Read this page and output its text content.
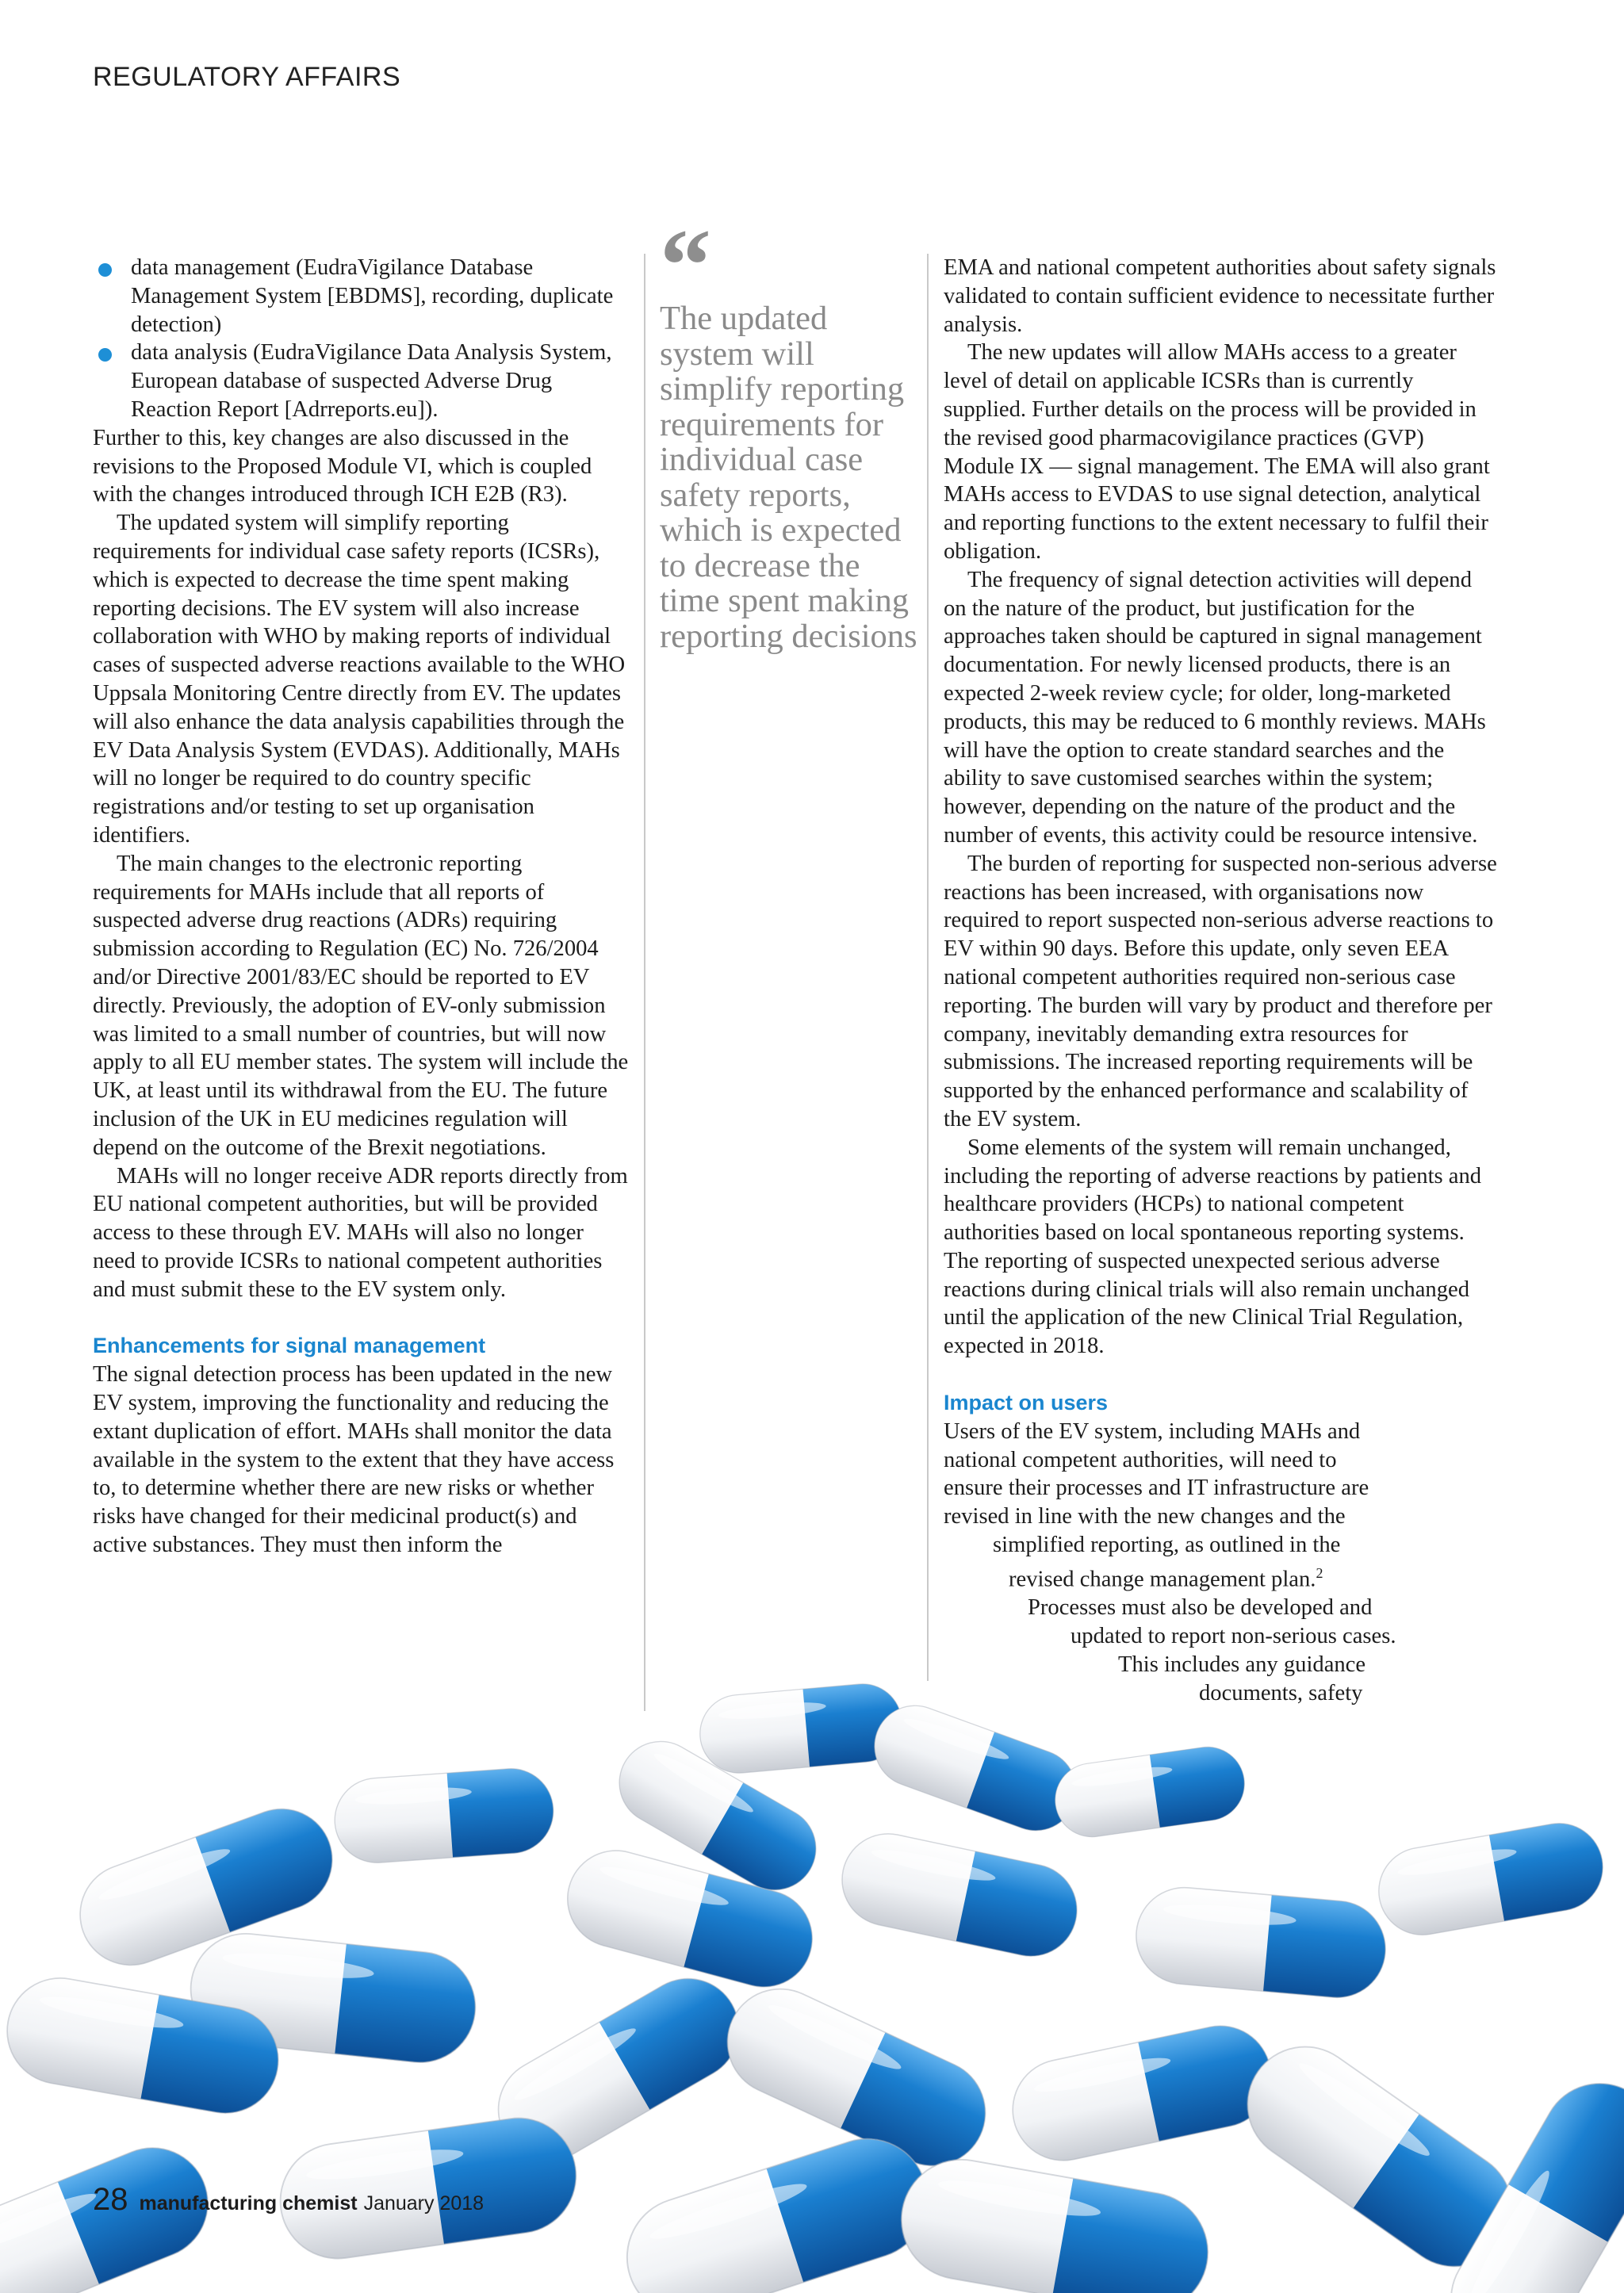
REGULATORY AFFAIRS
data management (EudraVigilance Database Management System [EBDMS], recording, duplicate detection)
data analysis (EudraVigilance Data Analysis System, European database of suspected Adverse Drug Reaction Report [Adrreports.eu]).

Further to this, key changes are also discussed in the revisions to the Proposed Module VI, which is coupled with the changes introduced through ICH E2B (R3).

The updated system will simplify reporting requirements for individual case safety reports (ICSRs), which is expected to decrease the time spent making reporting decisions. The EV system will also increase collaboration with WHO by making reports of individual cases of suspected adverse reactions available to the WHO Uppsala Monitoring Centre directly from EV. The updates will also enhance the data analysis capabilities through the EV Data Analysis System (EVDAS). Additionally, MAHs will no longer be required to do country specific registrations and/or testing to set up organisation identifiers.

The main changes to the electronic reporting requirements for MAHs include that all reports of suspected adverse drug reactions (ADRs) requiring submission according to Regulation (EC) No. 726/2004 and/or Directive 2001/83/EC should be reported to EV directly. Previously, the adoption of EV-only submission was limited to a small number of countries, but will now apply to all EU member states. The system will include the UK, at least until its withdrawal from the EU. The future inclusion of the UK in EU medicines regulation will depend on the outcome of the Brexit negotiations.

MAHs will no longer receive ADR reports directly from EU national competent authorities, but will be provided access to these through EV. MAHs will also no longer need to provide ICSRs to national competent authorities and must submit these to the EV system only.

Enhancements for signal management

The signal detection process has been updated in the new EV system, improving the functionality and reducing the extant duplication of effort. MAHs shall monitor the data available in the system to the extent that they have access to, to determine whether there are new risks or whether risks have changed for their medicinal product(s) and active substances. They must then inform the

“
The updated system will simplify reporting requirements for individual case safety reports, which is expected to decrease the time spent making reporting decisions

EMA and national competent authorities about safety signals validated to contain sufficient evidence to necessitate further analysis.

The new updates will allow MAHs access to a greater level of detail on applicable ICSRs than is currently supplied. Further details on the process will be provided in the revised good pharmacovigilance practices (GVP) Module IX — signal management. The EMA will also grant MAHs access to EVDAS to use signal detection, analytical and reporting functions to the extent necessary to fulfil their obligation.

The frequency of signal detection activities will depend on the nature of the product, but justification for the approaches taken should be captured in signal management documentation. For newly licensed products, there is an expected 2-week review cycle; for older, long-marketed products, this may be reduced to 6 monthly reviews. MAHs will have the option to create standard searches and the ability to save customised searches within the system; however, depending on the nature of the product and the number of events, this activity could be resource intensive.

The burden of reporting for suspected non-serious adverse reactions has been increased, with organisations now required to report suspected non-serious adverse reactions to EV within 90 days. Before this update, only seven EEA national competent authorities required non-serious case reporting. The burden will vary by product and therefore per company, inevitably demanding extra resources for submissions. The increased reporting requirements will be supported by the enhanced performance and scalability of the EV system.

Some elements of the system will remain unchanged, including the reporting of adverse reactions by patients and healthcare providers (HCPs) to national competent authorities based on local spontaneous reporting systems. The reporting of suspected unexpected serious adverse reactions during clinical trials will also remain unchanged until the application of the new Clinical Trial Regulation, expected in 2018.

Impact on users

Users of the EV system, including MAHs and
national competent authorities, will need to
ensure their processes and IT infrastructure are
revised in line with the new changes and the
simplified reporting, as outlined in the
revised change management plan.$^2$
Processes must also be developed and
updated to report non-serious cases.
This includes any guidance
documents, safety
28 manufacturing chemist January 2018
